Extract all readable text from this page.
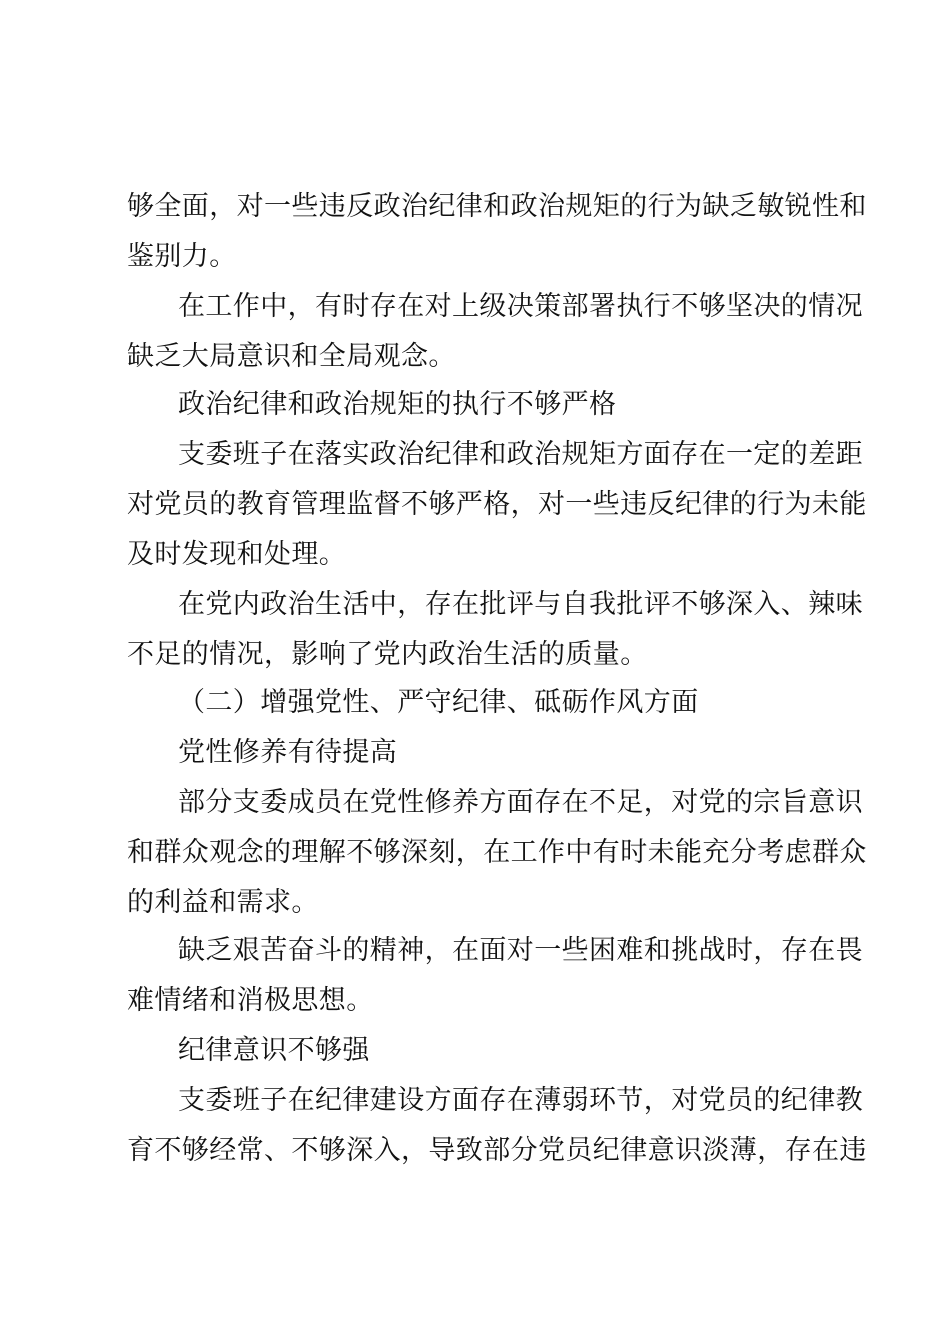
够全面，对一些违反政治纪律和政治规矩的行为缺乏敏锐性和
鉴别力。
在工作中，有时存在对上级决策部署执行不够坚决的情况
缺乏大局意识和全局观念。
政治纪律和政治规矩的执行不够严格
支委班子在落实政治纪律和政治规矩方面存在一定的差距
对党员的教育管理监督不够严格，对一些违反纪律的行为未能
及时发现和处理。
在党内政治生活中，存在批评与自我批评不够深入、辣味
不足的情况，影响了党内政治生活的质量。
（二）增强党性、严守纪律、砥砺作风方面
党性修养有待提高
部分支委成员在党性修养方面存在不足，对党的宗旨意识
和群众观念的理解不够深刻，在工作中有时未能充分考虑群众
的利益和需求。
缺乏艰苦奋斗的精神，在面对一些困难和挑战时，存在畏
难情绪和消极思想。
纪律意识不够强
支委班子在纪律建设方面存在薄弱环节，对党员的纪律教
育不够经常、不够深入，导致部分党员纪律意识淡薄，存在违
